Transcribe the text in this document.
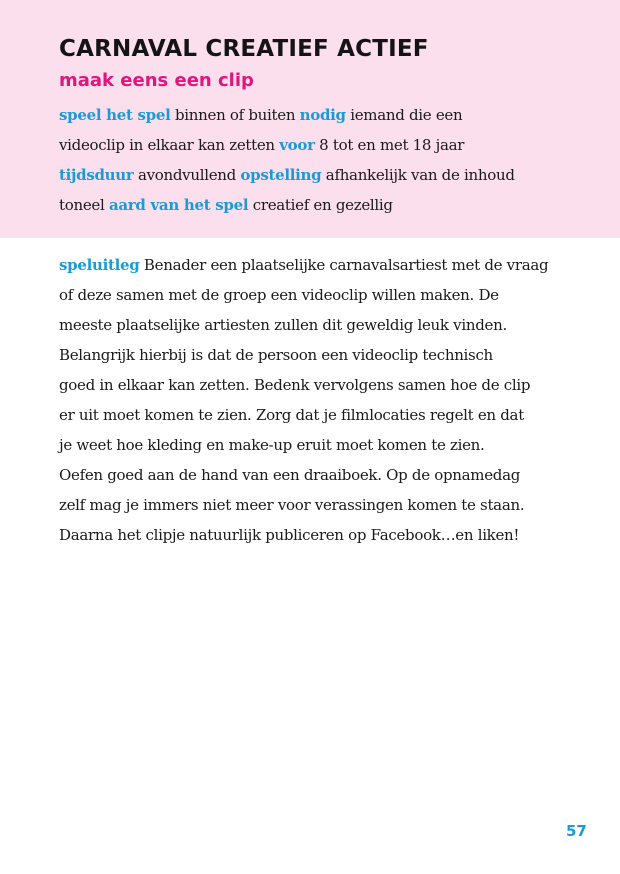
CARNAVAL CREATIEF ACTIEF
maak eens een clip
speel het spel binnen of buiten nodig iemand die een
videoclip in elkaar kan zetten voor 8 tot en met 18 jaar
tijdsduur avondvullend opstelling afhankelijk van de inhoud
toneel aard van het spel creatief en gezellig
speluitleg Benader een plaatselijke carnavalsartiest met de vraag
of deze samen met de groep een videoclip willen maken. De
meeste plaatselijke artiesten zullen dit geweldig leuk vinden.
Belangrijk hierbij is dat de persoon een videoclip technisch
goed in elkaar kan zetten. Bedenk vervolgens samen hoe de clip
er uit moet komen te zien. Zorg dat je filmlocaties regelt en dat
je weet hoe kleding en make-up eruit moet komen te zien.
Oefen goed aan de hand van een draaiboek. Op de opnamedag
zelf mag je immers niet meer voor verassingen komen te staan.
Daarna het clipje natuurlijk publiceren op Facebook…en liken!
57
